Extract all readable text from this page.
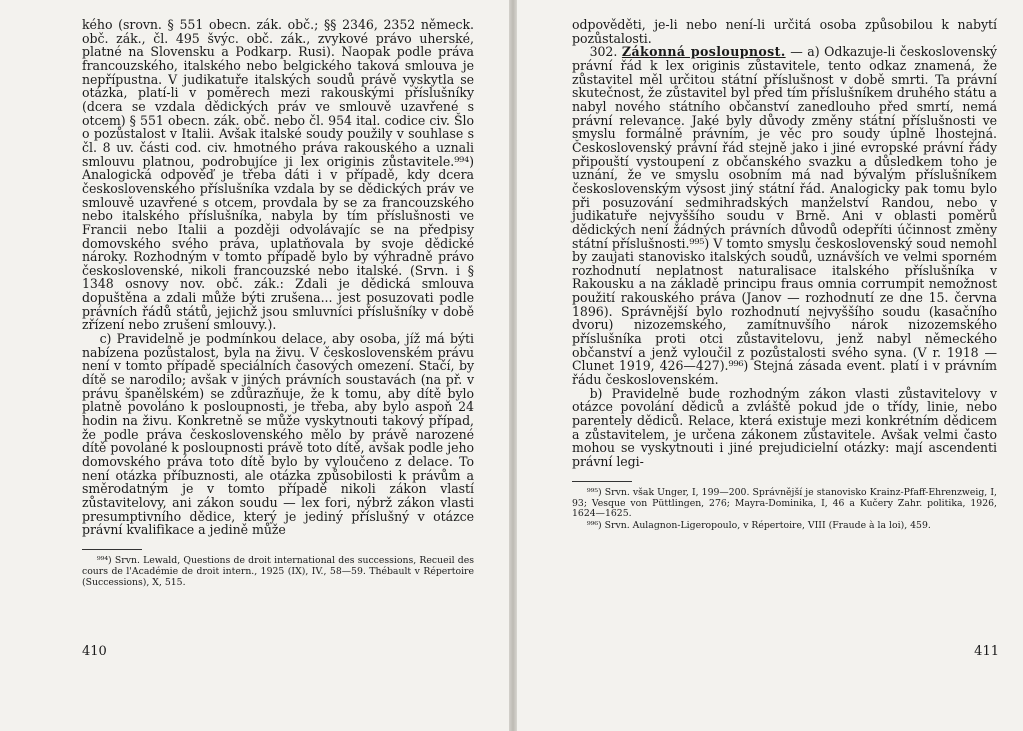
kého (srovn. § 551 obecn. zák. obč.; §§ 2346, 2352 německ. obč. zák., čl. 495 švýc. obč. zák., zvykové právo uherské, platné na Slovensku a Podkarp. Rusi). Naopak podle práva francouzského, italského nebo belgického taková smlouva je nepřípustna. V judikatuře italských soudů právě vyskytla se otázka, platí-li v poměrech mezi rakouskými příslušníky (dcera se vzdala dědických práv ve smlouvě uzavřené s otcem) § 551 obecn. zák. obč. nebo čl. 954 ital. codice civ. Šlo o pozůstalost v Italii. Avšak italské soudy použily v souhlase s čl. 8 uv. části cod. civ. hmotného práva rakouského a uznali smlouvu platnou, podrobujíce ji lex originis zůstavitele.⁹⁹⁴) Analogická odpověď je třeba dáti i v případě, kdy dcera československého příslušníka vzdala by se dědických práv ve smlouvě uzavřené s otcem, provdala by se za francouzského nebo italského příslušníka, nabyla by tím příslušnosti ve Francii nebo Italii a později odvolávajíc se na předpisy domovského svého práva, uplatňovala by svoje dědické nároky. Rozhodným v tomto případě bylo by výhradně právo československé, nikoli francouzské nebo italské. (Srvn. i § 1348 osnovy nov. obč. zák.: Zdali je dědická smlouva dopuštěna a zdali může býti zrušena... jest posuzovati podle právních řádů států, jejichž jsou smluvníci příslušníky v době zřízení nebo zrušení smlouvy.).

c) Pravidelně je podmínkou delace, aby osoba, jíž má býti nabízena pozůstalost, byla na živu. V československém právu není v tomto případě speciálních časových omezení. Stačí, by dítě se narodilo; avšak v jiných právních soustavách (na př. v právu španělském) se zdůrazňuje, že k tomu, aby dítě bylo platně povoláno k posloupnosti, je třeba, aby bylo aspoň 24 hodin na živu. Konkretně se může vyskytnouti takový případ, že podle práva československého mělo by právě narozené dítě povolané k posloupnosti právě toto dítě, avšak podle jeho domovského práva toto dítě bylo by vyloučeno z delace. To není otázka příbuznosti, ale otázka způsobilosti k právům a směrodatným je v tomto případě nikoli zákon vlastí zůstavitelovy, ani zákon soudu — lex fori, nýbrž zákon vlasti presumptivního dědice, který je jediný příslušný v otázce právní kvalifikace a jedině může

⁹⁹⁴) Srvn. Lewald, Questions de droit international des successions, Recueil des cours de l'Académie de droit intern., 1925 (IX), IV., 58—59. Thébault v Répertoire (Successions), X, 515.

410

odpověděti, je-li nebo není-li určitá osoba způsobilou k nabytí pozůstalosti.

302. Zákonná posloupnost. — a) Odkazuje-li československý právní řád k lex originis zůstavitele, tento odkaz znamená, že zůstavitel měl určitou státní příslušnost v době smrti. Ta právní skutečnost, že zůstavitel byl před tím příslušníkem druhého státu a nabyl nového státního občanství zanedlouho před smrtí, nemá právní relevance. Jaké byly důvody změny státní příslušnosti ve smyslu formálně právním, je věc pro soudy úplně lhostejná. Československý právní řád stejně jako i jiné evropské právní řády připouští vystoupení z občanského svazku a důsledkem toho je uznání, že ve smyslu osobním má nad bývalým příslušníkem československým výsost jiný státní řád. Analogicky pak tomu bylo při posuzování sedmihradských manželství Randou, nebo v judikatuře nejvyššího soudu v Brně. Ani v oblasti poměrů dědických není žádných právních důvodů odepříti účinnost změny státní příslušnosti.⁹⁹⁵) V tomto smyslu československý soud nemohl by zaujati stanovisko italských soudů, uznávších ve velmi sporném rozhodnutí neplatnost naturalisace italského příslušníka v Rakousku a na základě principu fraus omnia corrumpit nemožnost použití rakouského práva (Janov — rozhodnutí ze dne 15. června 1896). Správnější bylo rozhodnutí nejvyššího soudu (kasačního dvoru) nizozemského, zamítnuvšího nárok nizozemského příslušníka proti otci zůstavitelovu, jenž nabyl německého občanství a jenž vyloučil z pozůstalosti svého syna. (V r. 1918 — Clunet 1919, 426—427).⁹⁹⁶) Stejná zásada event. platí i v právním řádu československém.

b) Pravidelně bude rozhodným zákon vlasti zůstavitelovy v otázce povolání dědiců a zvláště pokud jde o třídy, linie, nebo parentely dědiců. Relace, která existuje mezi konkrétním dědicem a zůstavitelem, je určena zákonem zůstavitele. Avšak velmi často mohou se vyskytnouti i jiné prejudicielní otázky: mají ascendenti právní legi-

⁹⁹⁵) Srvn. však Unger, I, 199—200. Správnější je stanovisko Krainz-Pfaff-Ehrenzweig, I, 93; Vesque von Püttlingen, 276; Mayra-Dominika, I, 46 a Kučery Zahr. politika, 1926, 1624—1625.

⁹⁹⁶) Srvn. Aulagnon-Ligeropoulo, v Répertoire, VIII (Fraude à la loi), 459.

411
